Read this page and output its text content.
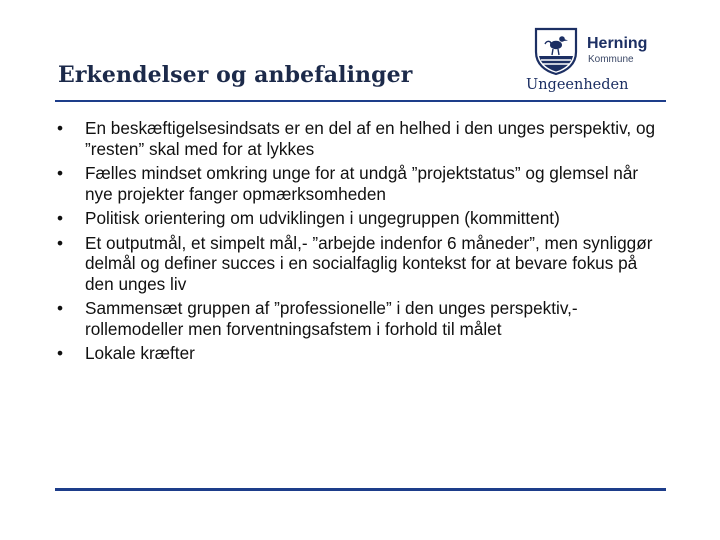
Erkendelser og anbefalinger
Herning
Kommune
Ungeenheden
•	En beskæftigelsesindsats er en del af en helhed i den unges perspektiv, og ”resten” skal med for at lykkes
•	Fælles mindset omkring unge for at undgå ”projektstatus” og glemsel når nye projekter fanger opmærksomheden
•	Politisk orientering om udviklingen i ungegruppen (kommittent)
•	Et outputmål, et simpelt mål,- ”arbejde indenfor 6 måneder”, men synliggør delmål og definer succes i en socialfaglig kontekst for at bevare fokus på den unges liv
•	Sammensæt gruppen af ”professionelle” i den unges perspektiv,- rollemodeller men forventningsafstem i forhold til målet
•	Lokale kræfter
